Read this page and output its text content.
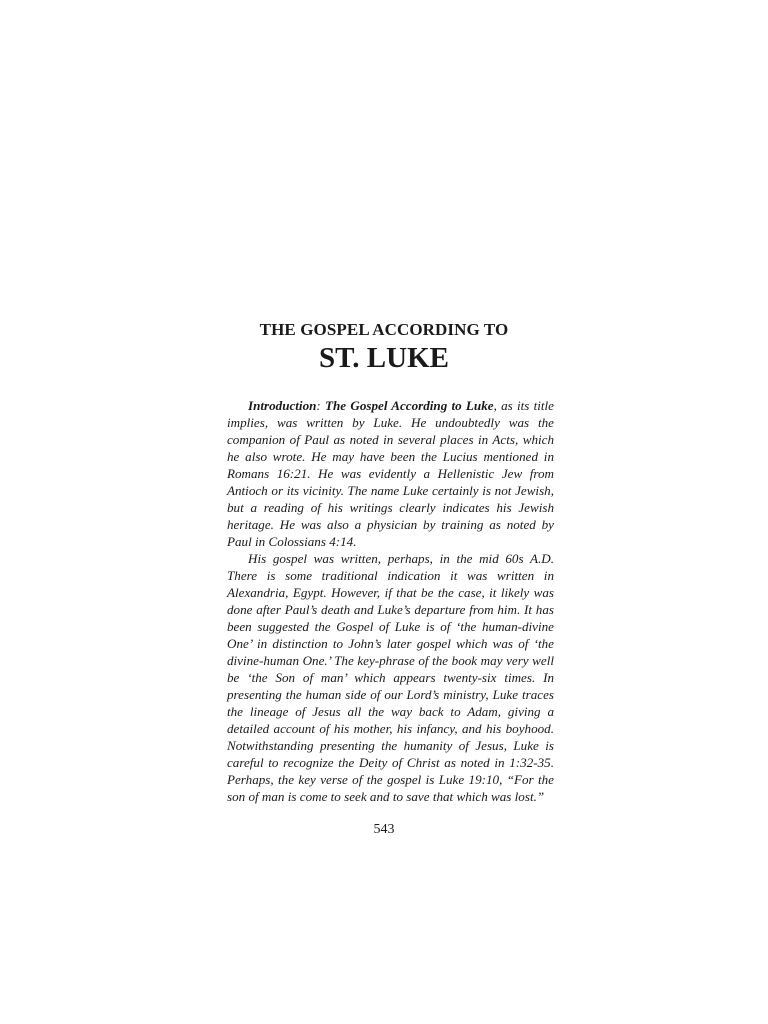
THE GOSPEL ACCORDING TO
ST. LUKE

Introduction: The Gospel According to Luke, as its title implies, was written by Luke. He undoubtedly was the companion of Paul as noted in several places in Acts, which he also wrote. He may have been the Lucius mentioned in Romans 16:21. He was evidently a Hellenistic Jew from Antioch or its vicinity. The name Luke certainly is not Jewish, but a reading of his writings clearly indicates his Jewish heritage. He was also a physician by training as noted by Paul in Colossians 4:14.

His gospel was written, perhaps, in the mid 60s A.D. There is some traditional indication it was written in Alexandria, Egypt. However, if that be the case, it likely was done after Paul’s death and Luke’s departure from him. It has been suggested the Gospel of Luke is of ‘the human-divine One’ in distinction to John’s later gospel which was of ‘the divine-human One.’ The key-phrase of the book may very well be ‘the Son of man’ which appears twenty-six times. In presenting the human side of our Lord’s ministry, Luke traces the lineage of Jesus all the way back to Adam, giving a detailed account of his mother, his infancy, and his boyhood. Notwithstanding presenting the humanity of Jesus, Luke is careful to recognize the Deity of Christ as noted in 1:32-35. Perhaps, the key verse of the gospel is Luke 19:10, “For the son of man is come to seek and to save that which was lost.”

543
